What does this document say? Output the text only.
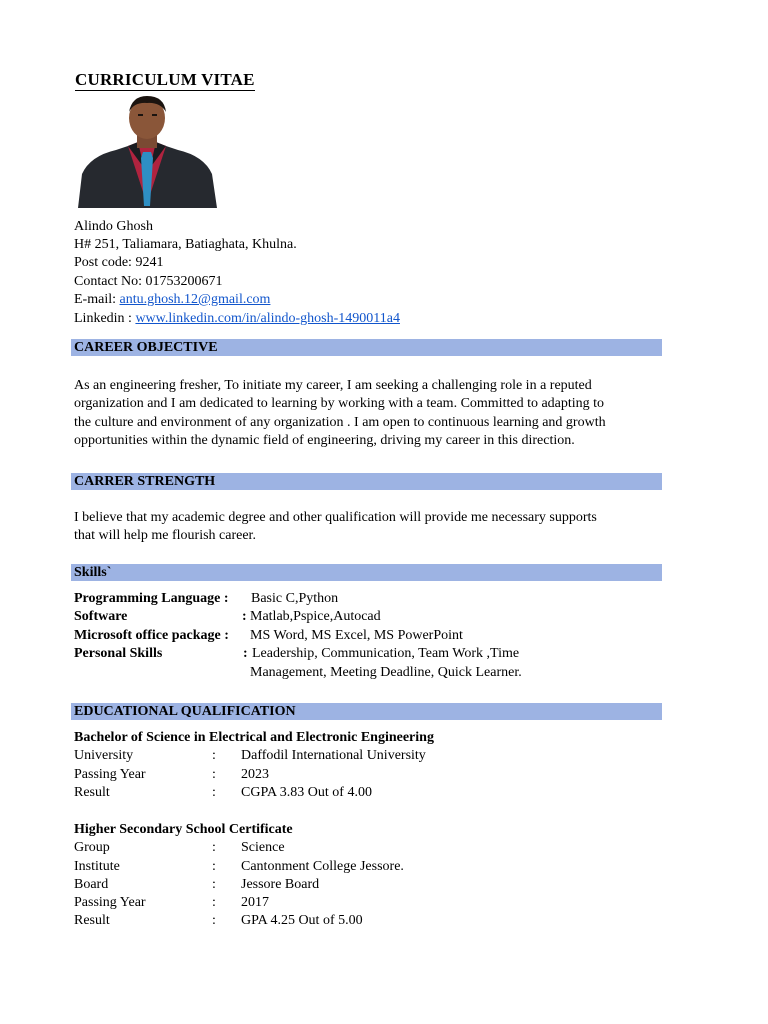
CURRICULUM VITAE
Alindo Ghosh
H# 251, Taliamara, Batiaghata, Khulna.
Post code: 9241
Contact No: 01753200671
E-mail: antu.ghosh.12@gmail.com
Linkedin : www.linkedin.com/in/alindo-ghosh-1490011a4
CAREER OBJECTIVE
As an engineering fresher, To initiate my career, I am seeking a challenging role in a reputed
organization and I am dedicated to learning by working with a team. Committed to adapting to
the culture and environment of any organization . I am open to continuous learning and growth
opportunities within the dynamic field of engineering, driving my career in this direction.
CARRER STRENGTH
I believe that my academic degree and other qualification will provide me necessary supports
that will help me flourish career.
Skills`
Programming Language : Basic C,Python
Software	: Matlab,Pspice,Autocad
Microsoft office package : MS Word, MS Excel, MS PowerPoint
Personal Skills	: Leadership, Communication, Team Work ,Time
Management, Meeting Deadline, Quick Learner.
EDUCATIONAL QUALIFICATION
Bachelor of Science in Electrical and Electronic Engineering
University	: Daffodil International University
Passing Year	: 2023
Result	: CGPA 3.83 Out of 4.00
Higher Secondary School Certificate
Group	: Science
Institute	: Cantonment College Jessore.
Board	: Jessore Board
Passing Year	: 2017
Result	: GPA 4.25 Out of 5.00
